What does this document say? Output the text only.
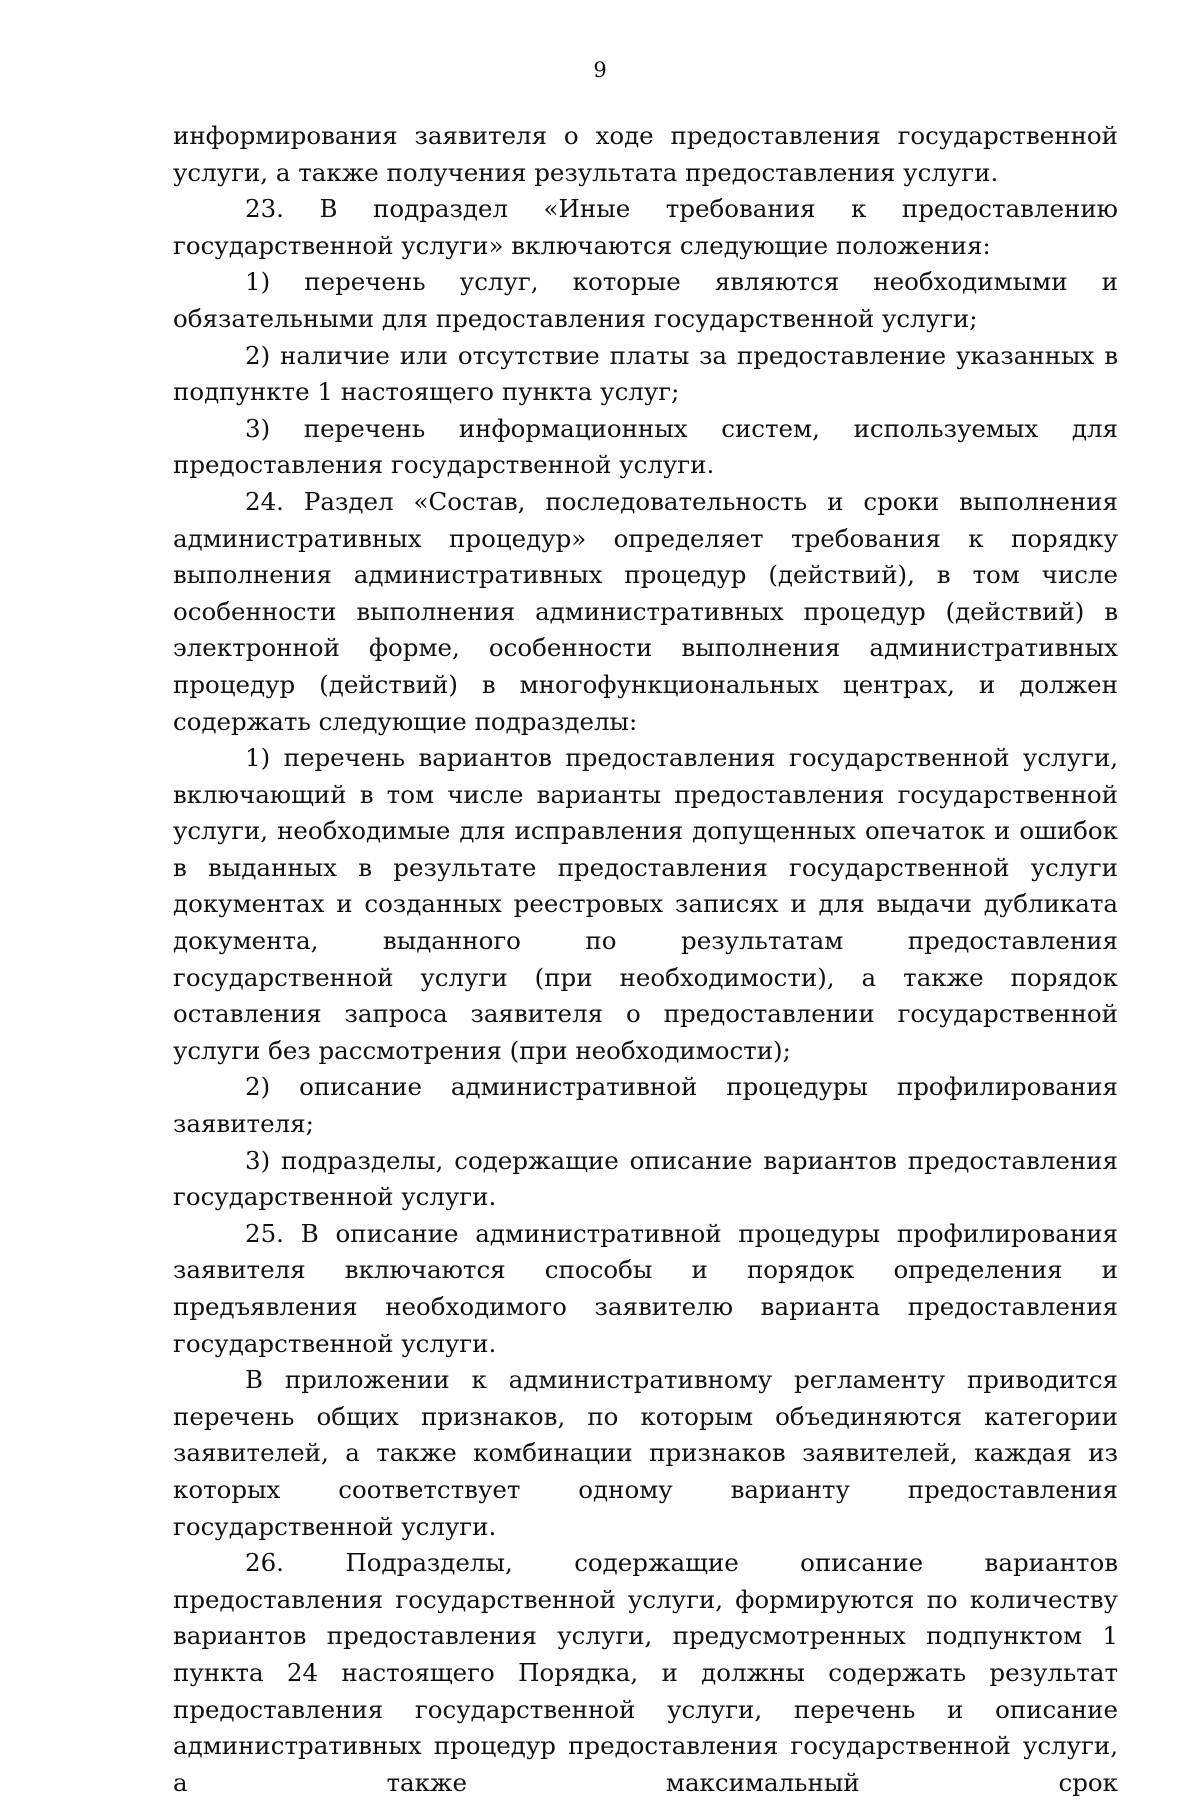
9

информирования заявителя о ходе предоставления государственной услуги, а также получения результата предоставления услуги.

23. В подраздел «Иные требования к предоставлению государственной услуги» включаются следующие положения:

1) перечень услуг, которые являются необходимыми и обязательными для предоставления государственной услуги;

2) наличие или отсутствие платы за предоставление указанных в подпункте 1 настоящего пункта услуг;

3) перечень информационных систем, используемых для

предоставления государственной услуги.

24. Раздел «Состав, последовательность и сроки выполнения административных процедур» определяет требования к порядку выполнения административных процедур (действий), в том числе особенности выполнения административных процедур (действий) в электронной форме, особенности выполнения административных процедур (действий) в многофункциональных центрах, и должен содержать следующие подразделы:

1) перечень вариантов предоставления государственной услуги, включающий в том числе варианты предоставления государственной услуги, необходимые для исправления допущенных опечаток и ошибок в выданных в результате предоставления государственной услуги документах и созданных реестровых записях и для выдачи дубликата документа, выданного по результатам предоставления государственной услуги (при необходимости), а также порядок оставления запроса заявителя о предоставлении государственной услуги без рассмотрения (при необходимости);

2) описание административной процедуры профилирования заявителя;

3) подразделы, содержащие описание вариантов предоставления государственной услуги.

25. В описание административной процедуры профилирования заявителя включаются способы и порядок определения и предъявления необходимого заявителю варианта предоставления государственной услуги.

В приложении к административному регламенту приводится перечень общих признаков, по которым объединяются категории заявителей, а также комбинации признаков заявителей, каждая из которых соответствует одному варианту предоставления государственной услуги.

26. Подразделы, содержащие описание вариантов предоставления государственной услуги, формируются по количеству вариантов предоставления услуги, предусмотренных подпунктом 1 пункта 24 настоящего Порядка, и должны содержать результат предоставления государственной услуги, перечень и описание административных процедур предоставления государственной услуги, а также максимальный срок
